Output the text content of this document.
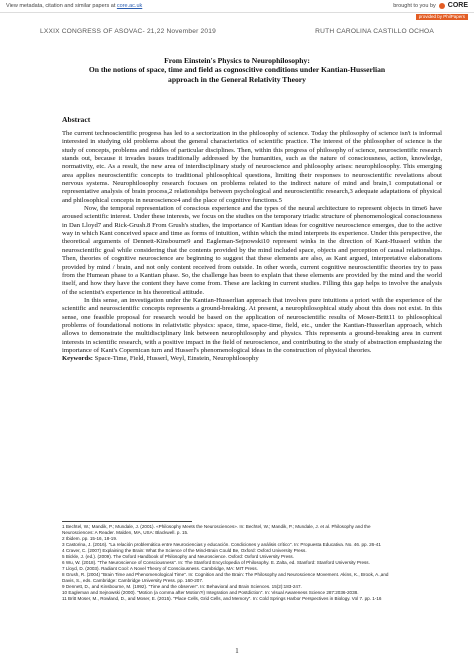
View metadata, citation and similar papers at core.ac.uk	brought to you by CORE
provided by PhilPapers
LXXIX CONGRESS OF ASOVAC- 21,22 November 2019	RUTH CAROLINA CASTILLO OCHOA
From Einstein's Physics to Neurophilosophy:
On the notions of space, time and field as cognoscitive conditions under Kantian-Husserlian
approach in the General Relativity Theory
Abstract

The current technoscientific progress has led to a sectorization in the philosophy of science. Today the philosophy of science isn't is informal interested in studying old problems about the general characteristics of scientific practice. The interest of the philosopher of science is the study of concepts, problems and riddles of particular disciplines. Then, within this progress of philosophy of science, neuroscientific research stands out, because it invades issues traditionally addressed by the humanities, such as the nature of consciousness, action, knowledge, normativity, etc. As a result, the new area of interdisciplinary study of neuroscience and philosophy arises: neurophilosophy. This emerging area applies neuroscientific concepts to traditional philosophical questions, limiting their responses to neuroscientific revelations about nervous systems. Neurophilosophy research focuses on problems related to the indirect nature of mind and brain,1 computational or representative analysis of brain process,2 relationships between psychological and neuroscientific research,3 adequate adaptations of physical and philosophical concepts in neuroscience4 and the place of cognitive functions.5

Now, the temporal representation of conscious experience and the types of the neural architecture to represent objects in time6 have aroused scientific interest. Under these interests, we focus on the studies on the temporary triadic structure of phenomenological consciousness in Dan Lloyd7 and Rick-Grush.8 From Grush's studies, the importance of Kantian ideas for cognitive neuroscience emerges, due to the active way in which Kant conceived space and time as forms of intuition, within which the mind interprets its experience. Under this perspective, the theoretical arguments of Dennett-Kinsbourne9 and Eagleman-Sejnowski10 represent winks in the direction of Kant-Husserl within the neuroscientific goal while considering that the contents provided by the mind included space, objects and perception of causal relationships. Then, theories of cognitive neuroscience are beginning to suggest that these elements are also, as Kant argued, interpretative elaborations provided by mind / brain, and not only content received from outside. In other words, current cognitive neuroscientific theories try to pass from the Humean phase to a Kantian phase. So, the challenge has been to explain that these elements are provided by the mind and the world itself, and how they have the content they have come from. These are lacking in current studies. Filling this gap helps to involve the analysis of the scientist's experience in his theoretical attitude.

In this sense, an investigation under the Kantian-Husserlian approach that involves pure intuitions a priori with the experience of the scientific and neuroscientific concepts represents a ground-breaking. At present, a neurophilosophical study about this does not exist. In this sense, one feasible proposal for research would be based on the application of neuroscientific results of Moser-Britt11 to philosophical problems of foundational notions in relativistic physics: space, time, space-time, field, etc., under the Kantian-Husserlian approach, which allows to demonstrate the multidisciplinary link between neurophilosophy and physics. This represents a ground-breaking area in current interests in scientific research, with a positive impact in the field of neuroscience, and contributing to the study of abstraction emphasizing the importance of Kant's Copernican turn and Husserl's phenomenological ideas in the construction of physical theories.

Keywords: Space-Time, Field, Husserl, Weyl, Einstein, Neurophilosophy

1 Bechtel, W.; Mandik, P.; Mundale, J. (2001). «Philosophy Meets the Neurosciences». In: Bechtel, W.; Mandik, P.; Mundale, J. et al. Philosophy and the
Neurosciences: A Reader. Malden, MA, USA: Blackwell. p. 15.
2 Ibidem. pp. 15-16, 18-19.
3 Castorina, J. (2016). "La relación problemática entre Neurociencias y educación. Condiciones y análisis crítico". In: Propuesta Educativa. No. 46. pp. 26-41
4 Craver, C. (2007) Explaining the Brain: What the Science of the Mind-Brain Could Be, Oxford: Oxford University Press.
5 Bickle, J. (ed.). (2009). The Oxford Handbook of Philosophy and Neuroscience. Oxford: Oxford University Press.
6 Wu, W. (2018). "The Neuroscience of Consciousness". In: The Stanford Encyclopedia of Philosophy. E. Zalta, ed. Stanford: Stanford University Press.
7 Lloyd, D. (2003). Radiant Cool: A Novel Theory of Consciousness. Cambridge, MA: MIT Press.
8 Grush, R. (2004) "Brain Time and Phenomenological Time". In: Cognition and the Brain: The Philosophy and Neuroscience Movement. Akins, K., Brook, A.,and
Davis, S., eds. Cambridge: Cambridge University Press. pp. 160-207.
9 Dennett, D., and Kinsbourne, M. (1992). "Time and the observer". In: Behavioral and Brain Sciences. 15(2):183-247.
10 Eagleman and Sejnowski (2000). "Motion (a comma after Motion?!) Integration and Postdiction". In: Visual Awareness Science 287:2036-2038.
11 Britt Moser, M., Rowland, D., and Moser, E. (2015). "Place Cells, Grid Cells, and Memory". In: Cold Springs Harbor Perspectives in Biology. Vol 7. pp. 1-16
1
